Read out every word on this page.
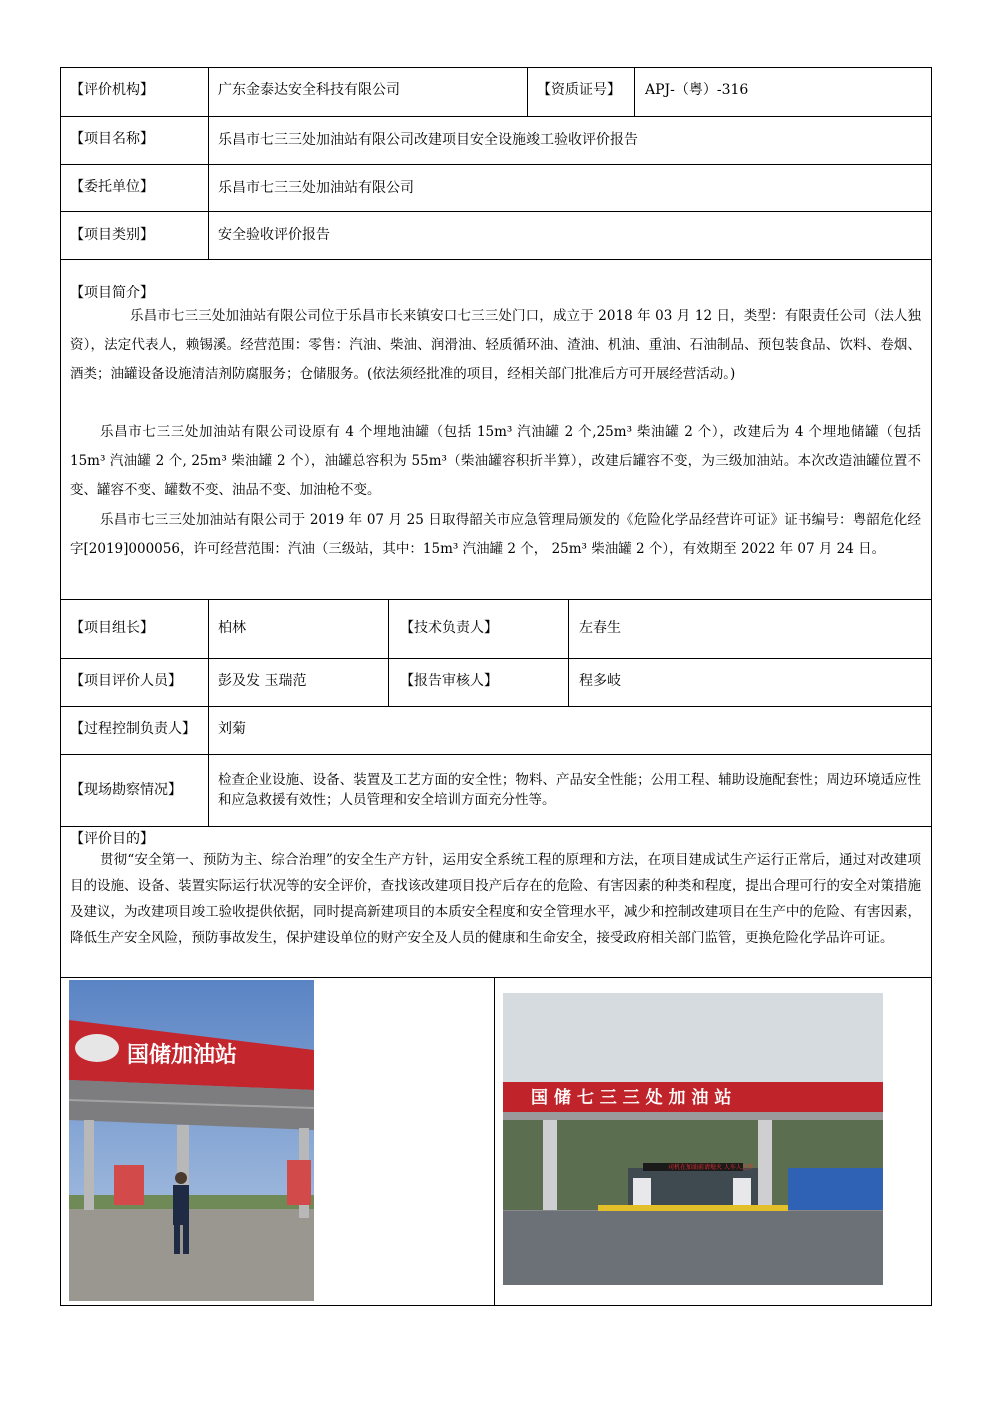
【评价机构】	广东金泰达安全科技有限公司	【资质证号】 APJ-（粤）-316
【项目名称】	乐昌市七三三处加油站有限公司改建项目安全设施竣工验收评价报告
【委托单位】	乐昌市七三三处加油站有限公司
【项目类别】	安全验收评价报告
【项目简介】
乐昌市七三三处加油站有限公司位于乐昌市长来镇安口七三三处门口，成立于 2018 年 03 月 12 日，类型：有限责任公司（法人独资），法定代表人，赖锡溪。经营范围：零售：汽油、柴油、润滑油、轻质循环油、渣油、机油、重油、石油制品、预包装食品、饮料、卷烟、酒类；油罐设备设施清洁剂防腐服务；仓储服务。(依法须经批准的项目，经相关部门批准后方可开展经营活动。)
乐昌市七三三处加油站有限公司设原有 4 个埋地油罐（包括 15m³ 汽油罐 2 个,25m³ 柴油罐 2 个），改建后为 4 个埋地储罐（包括 15m³ 汽油罐 2 个, 25m³ 柴油罐 2 个），油罐总容积为 55m³（柴油罐容积折半算），改建后罐容不变，为三级加油站。本次改造油罐位置不变、罐容不变、罐数不变、油品不变、加油枪不变。
乐昌市七三三处加油站有限公司于 2019 年 07 月 25 日取得韶关市应急管理局颁发的《危险化学品经营许可证》证书编号：粤韶危化经字[2019]000056，许可经营范围：汽油（三级站，其中：15m³ 汽油罐 2 个， 25m³ 柴油罐 2 个），有效期至 2022 年 07 月 24 日。
【项目组长】	柏林	【技术负责人】	左春生
【项目评价人员】	彭及发 玉瑞范	【报告审核人】	程多岐
【过程控制负责人】 刘菊
【现场勘察情况】
检查企业设施、设备、装置及工艺方面的安全性；物料、产品安全性能；公用工程、辅助设施配套性；周边环境适应性和应急救援有效性；人员管理和安全培训方面充分性等。
【评价目的】
贯彻“安全第一、预防为主、综合治理”的安全生产方针，运用安全系统工程的原理和方法，在项目建成试生产运行正常后，通过对改建项目的设施、设备、装置实际运行状况等的安全评价，查找该改建项目投产后存在的危险、有害因素的种类和程度，提出合理可行的安全对策措施及建议，为改建项目竣工验收提供依据，同时提高新建项目的本质安全程度和安全管理水平，减少和控制改建项目在生产中的危险、有害因素，降低生产安全风险，预防事故发生，保护建设单位的财产安全及人员的健康和生命安全，接受政府相关部门监管，更换危险化学品许可证。
国储加油站
国 储 七 三 三 处 加 油 站
司机在加油前请熄火 人车人之外
